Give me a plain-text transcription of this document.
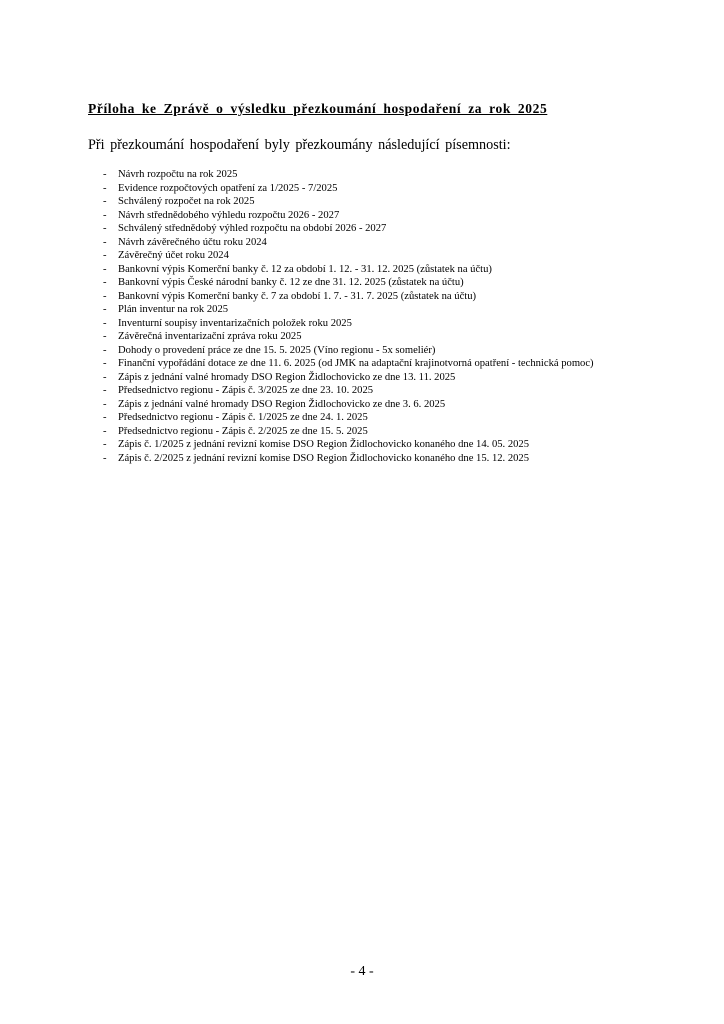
Příloha ke Zprávě o výsledku přezkoumání hospodaření za rok 2025
Při přezkoumání hospodaření byly přezkoumány následující písemnosti:
- Návrh rozpočtu na rok 2025
- Evidence rozpočtových opatření za 1/2025 - 7/2025
- Schválený rozpočet na rok 2025
- Návrh střednědobého výhledu rozpočtu 2026 - 2027
- Schválený střednědobý výhled rozpočtu na období 2026 - 2027
- Návrh závěrečného účtu roku 2024
- Závěrečný účet roku 2024
- Bankovní výpis Komerční banky č. 12 za období 1. 12. - 31. 12. 2025 (zůstatek na účtu)
- Bankovní výpis České národní banky č. 12 ze dne 31. 12. 2025 (zůstatek na účtu)
- Bankovní výpis Komerční banky č. 7 za období 1. 7. - 31. 7. 2025 (zůstatek na účtu)
- Plán inventur na rok 2025
- Inventurní soupisy inventarizačních položek roku 2025
- Závěrečná inventarizační zpráva roku 2025
- Dohody o provedení práce ze dne 15. 5. 2025 (Víno regionu - 5x someliér)
- Finanční vypořádání dotace ze dne 11. 6. 2025 (od JMK na adaptační krajinotvorná opatření - technická pomoc)
- Zápis z jednání valné hromady DSO Region Židlochovicko ze dne 13. 11. 2025
- Předsednictvo regionu - Zápis č. 3/2025 ze dne 23. 10. 2025
- Zápis z jednání valné hromady DSO Region Židlochovicko ze dne 3. 6. 2025
- Předsednictvo regionu - Zápis č. 1/2025 ze dne 24. 1. 2025
- Předsednictvo regionu - Zápis č. 2/2025 ze dne 15. 5. 2025
- Zápis č. 1/2025 z jednání revizní komise DSO Region Židlochovicko konaného dne 14. 05. 2025
- Zápis č. 2/2025 z jednání revizní komise DSO Region Židlochovicko konaného dne 15. 12. 2025
- 4 -
